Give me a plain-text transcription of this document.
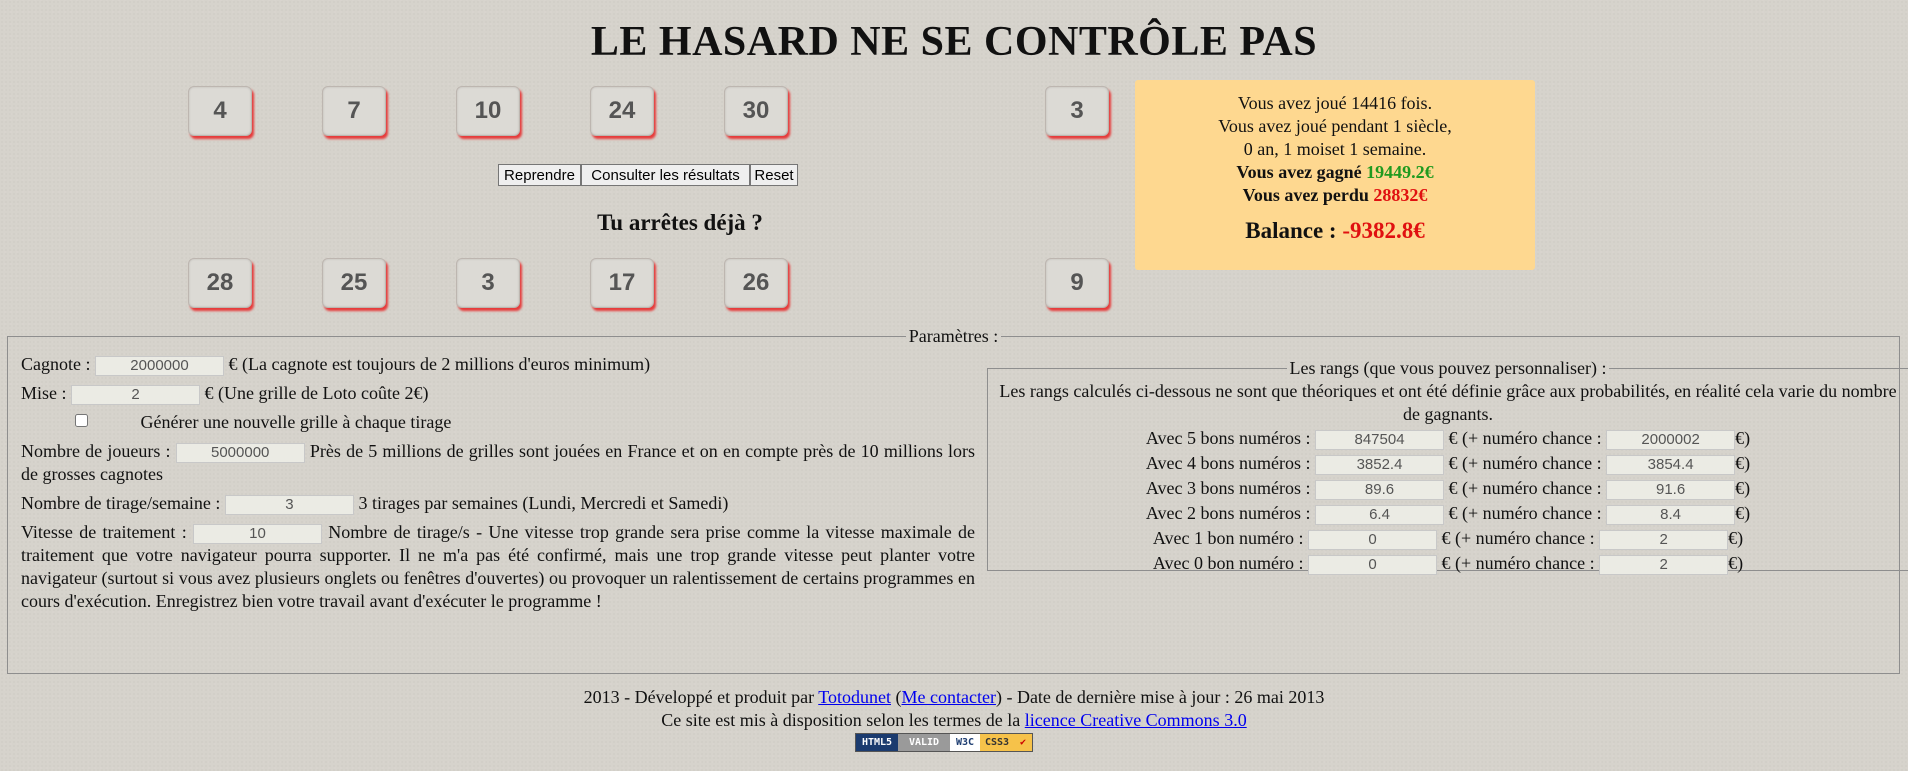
LE HASARD NE SE CONTRÔLE PAS
4	7	10	24	30	3
Reprendre	Consulter les résultats Reset
Tu arrêtes déjà ?
28	25	3	17	26	9
Vous avez joué 14416 fois.
Vous avez joué pendant 1 siècle,
0 an, 1 moiset 1 semaine.
Vous avez gagné 19449.2€
Vous avez perdu 28832€
Balance : -9382.8€
Paramètres :

Cagnote : 2000000	€ (La cagnote est toujours de 2 millions d'euros minimum)

Mise : 2	€ (Une grille de Loto coûte 2€)

Générer une nouvelle grille à chaque tirage

Nombre de joueurs : 5000000	Près de 5 millions de grilles sont jouées en France et on en compte près de 10 millions lors de grosses cagnotes

Nombre de tirage/semaine : 3	3 tirages par semaines (Lundi, Mercredi et Samedi)

Vitesse de traitement : 10	Nombre de tirage/s - Une vitesse trop grande sera prise comme la vitesse maximale de traitement que votre navigateur pourra supporter. Il ne m'a pas été confirmé, mais une trop grande vitesse peut planter votre navigateur (surtout si vous avez plusieurs onglets ou fenêtres d'ouvertes) ou provoquer un ralentissement de certains programmes en cours d'exécution. Enregistrez bien votre travail avant d'exécuter le programme !

Les rangs (que vous pouvez personnaliser) :
Les rangs calculés ci-dessous ne sont que théoriques et ont été définie grâce aux probabilités, en réalité cela varie du nombre de gagnants.
Avec 5 bons numéros : 847504	€ (+ numéro chance : 2000002	€)
Avec 4 bons numéros : 3852.4	€ (+ numéro chance : 3854.4	€)
Avec 3 bons numéros : 89.6	€ (+ numéro chance : 91.6	€)
Avec 2 bons numéros : 6.4	€ (+ numéro chance : 8.4	€)
Avec 1 bon numéro : 0	€ (+ numéro chance : 2	€)
Avec 0 bon numéro : 0	€ (+ numéro chance : 2	€)
2013 - Développé et produit par Totodunet (Me contacter) - Date de dernière mise à jour : 26 mai 2013
Ce site est mis à disposition selon les termes de la licence Creative Commons 3.0
HTML5	VALID	W3C	CSS3	✔
